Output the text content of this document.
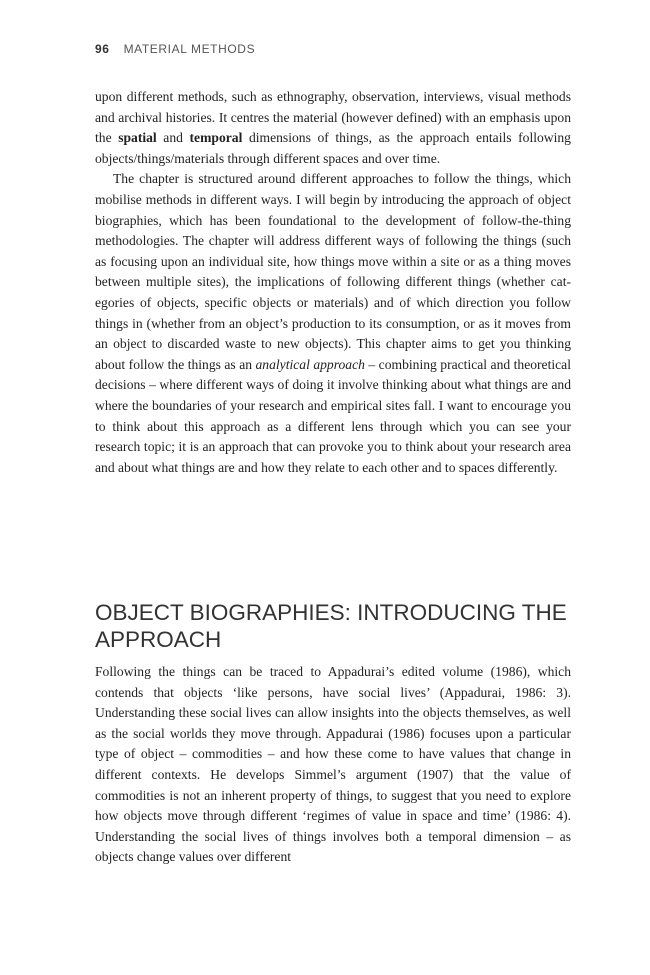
96 MATERIAL METHODS

upon different methods, such as ethnography, observation, interviews, visual methods and archival histories. It centres the material (however defined) with an emphasis upon the spatial and temporal dimensions of things, as the approach entails following objects/things/materials through different spaces and over time.

The chapter is structured around different approaches to follow the things, which mobilise methods in different ways. I will begin by introducing the approach of object biographies, which has been foundational to the development of follow-the-thing methodologies. The chapter will address different ways of following the things (such as focusing upon an individual site, how things move within a site or as a thing moves between multiple sites), the implications of following different things (whether categories of objects, specific objects or materials) and of which direction you follow things in (whether from an object’s production to its consumption, or as it moves from an object to discarded waste to new objects). This chapter aims to get you thinking about follow the things as an analytical approach – combining practical and theoretical decisions – where different ways of doing it involve thinking about what things are and where the boundaries of your research and empirical sites fall. I want to encourage you to think about this approach as a different lens through which you can see your research topic; it is an approach that can provoke you to think about your research area and about what things are and how they relate to each other and to spaces differently.

OBJECT BIOGRAPHIES: INTRODUCING THE APPROACH

Following the things can be traced to Appadurai’s edited volume (1986), which contends that objects ‘like persons, have social lives’ (Appadurai, 1986: 3). Understanding these social lives can allow insights into the objects themselves, as well as the social worlds they move through. Appadurai (1986) focuses upon a particular type of object – commodities – and how these come to have values that change in different contexts. He develops Simmel’s argument (1907) that the value of commodities is not an inherent property of things, to suggest that you need to explore how objects move through different ‘regimes of value in space and time’ (1986: 4). Understanding the social lives of things involves both a temporal dimension – as objects change values over different
